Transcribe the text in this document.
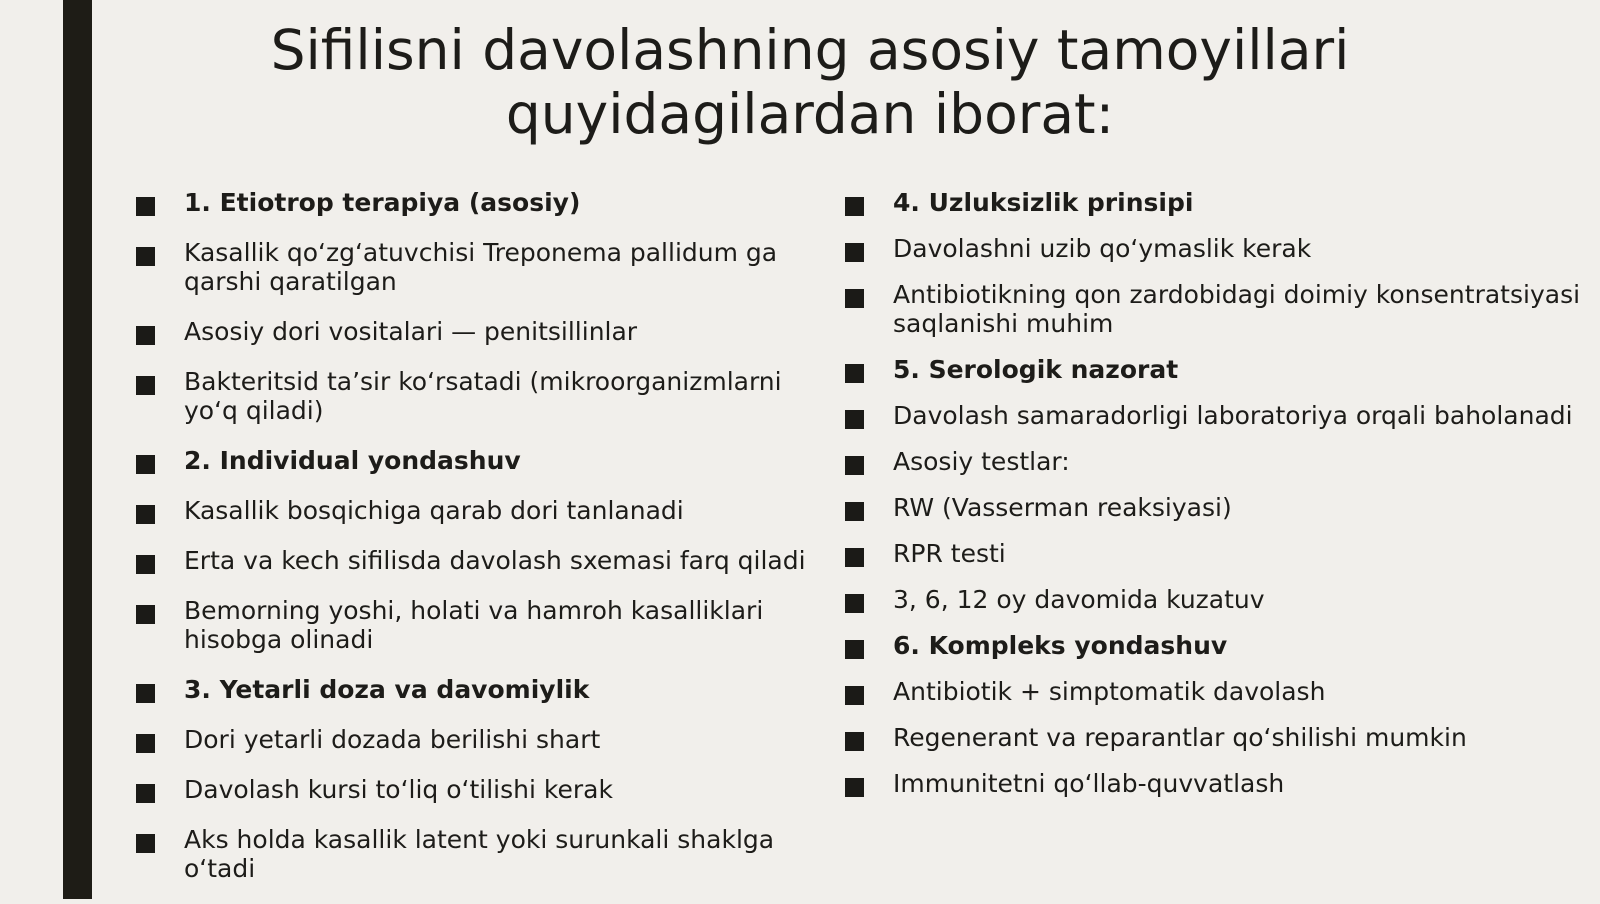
Sifilisni davolashning asosiy tamoyillari
quyidagilardan iborat:
1. Etiotrop terapiya (asosiy)
Kasallik qo‘zg‘atuvchisi Treponema pallidum ga qarshi qaratilgan
Asosiy dori vositalari — penitsillinlar
Bakteritsid ta’sir ko‘rsatadi (mikroorganizmlarni yo‘q qiladi)
2. Individual yondashuv
Kasallik bosqichiga qarab dori tanlanadi
Erta va kech sifilisda davolash sxemasi farq qiladi
Bemorning yoshi, holati va hamroh kasalliklari hisobga olinadi
3. Yetarli doza va davomiylik
Dori yetarli dozada berilishi shart
Davolash kursi to‘liq o‘tilishi kerak
Aks holda kasallik latent yoki surunkali shaklga o‘tadi
4. Uzluksizlik prinsipi
Davolashni uzib qo‘ymaslik kerak
Antibiotikning qon zardobidagi doimiy konsentratsiyasi saqlanishi muhim
5. Serologik nazorat
Davolash samaradorligi laboratoriya orqali baholanadi
Asosiy testlar:
RW (Vasserman reaksiyasi)
RPR testi
3, 6, 12 oy davomida kuzatuv
6. Kompleks yondashuv
Antibiotik + simptomatik davolash
Regenerant va reparantlar qo‘shilishi mumkin
Immunitetni qo‘llab-quvvatlash
